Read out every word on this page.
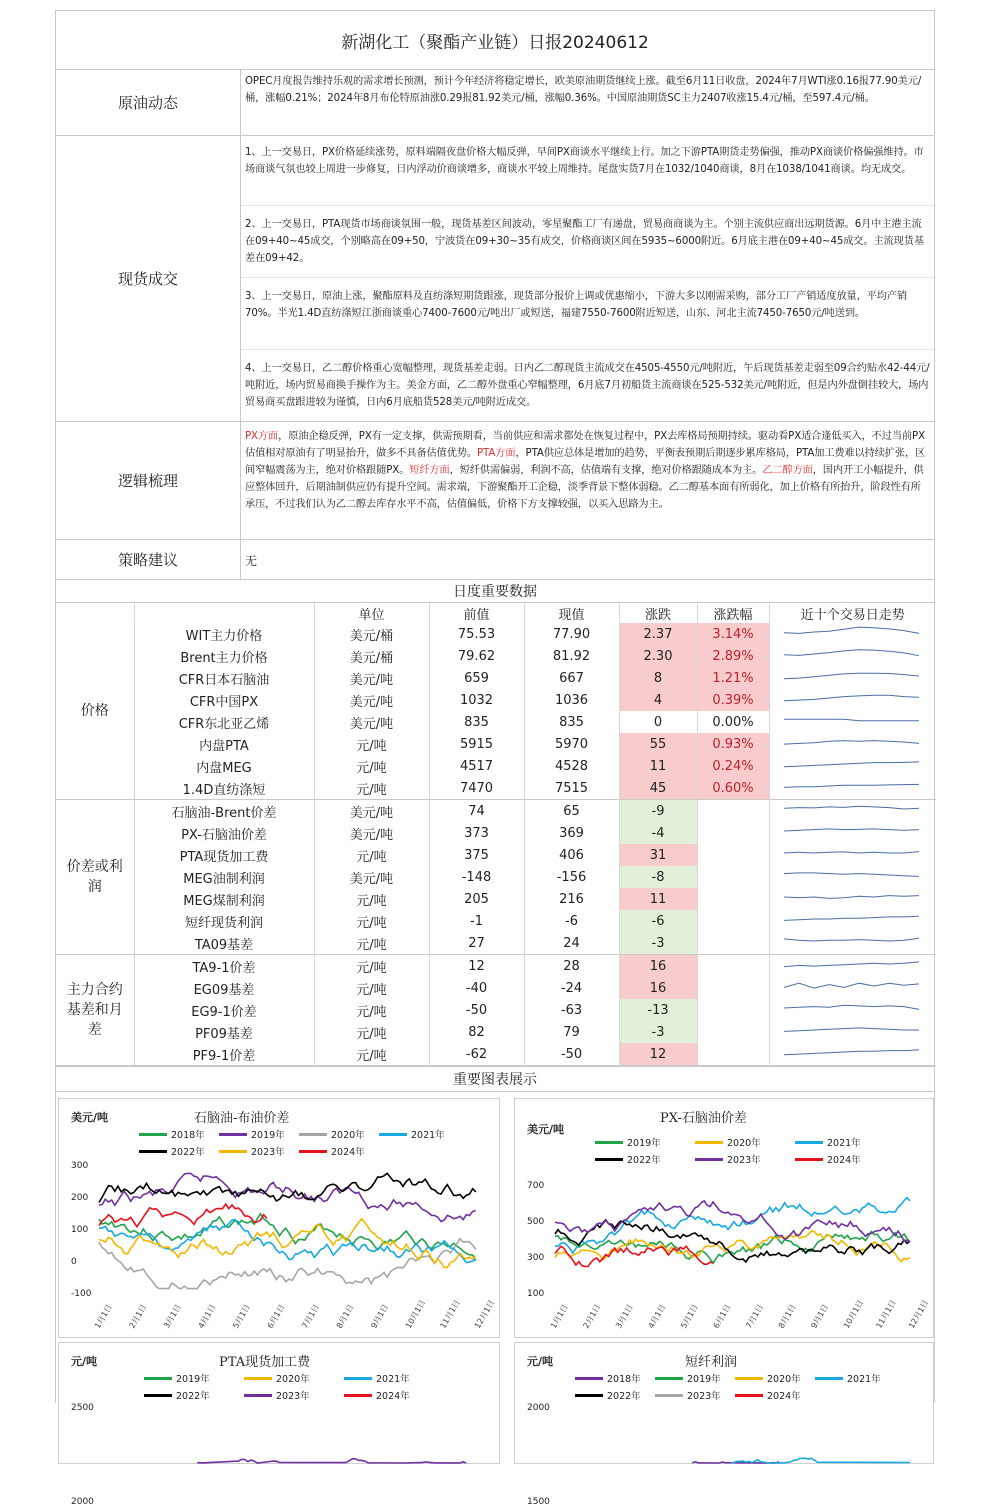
新湖化工（聚酯产业链）日报20240612
原油动态
OPEC月度报告维持乐观的需求增长预测，预计今年经济将稳定增长，欧美原油期货继续上涨。截至6月11日收盘，2024年7月WTI涨0.16报77.90美元/桶，涨幅0.21%；2024年8月布伦特原油涨0.29报81.92美元/桶，涨幅0.36%。中国原油期货SC主力2407收涨15.4元/桶，至597.4元/桶。
现货成交
1、上一交易日，PX价格延续涨势，原料端隔夜盘价格大幅反弹，早间PX商谈水平继续上行。加之下游PTA期货走势偏强，推动PX商谈价格偏强维持。市场商谈气氛也较上周进一步修复，日内浮动价商谈增多，商谈水平较上周维持。尾盘实货7月在1032/1040商谈，8月在1038/1041商谈。均无成交。
2、上一交易日，PTA现货市场商谈氛围一般，现货基差区间波动，零星聚酯工厂有递盘，贸易商商谈为主。个别主流供应商出远期货源。6月中主港主流在09+40~45成交，个别略高在09+50，宁波货在09+30~35有成交，价格商谈区间在5935~6000附近。6月底主港在09+40~45成交。主流现货基差在09+42。
3、上一交易日，原油上涨，聚酯原料及直纺涤短期货跟涨，现货部分报价上调或优惠缩小，下游大多以刚需采购，部分工厂产销适度放量，平均产销70%。半光1.4D直纺涤短江浙商谈重心7400-7600元/吨出厂或短送，福建7550-7600附近短送，山东、河北主流7450-7650元/吨送到。
4、上一交易日，乙二醇价格重心宽幅整理，现货基差走弱。日内乙二醇现货主流成交在4505-4550元/吨附近，午后现货基差走弱至09合约贴水42-44元/吨附近，场内贸易商换手操作为主。美金方面，乙二醇外盘重心窄幅整理，6月底7月初船货主流商谈在525-532美元/吨附近，但是内外盘倒挂较大，场内贸易商买盘跟进较为谨慎，日内6月底船货528美元/吨附近成交。
逻辑梳理
PX方面，原油企稳反弹，PX有一定支撑，供需预期看，当前供应和需求都处在恢复过程中，PX去库格局预期持续。驱动看PX适合逢低买入，不过当前PX估值相对原油有了明显抬升，做多不具备估值优势。PTA方面，PTA供应总体是增加的趋势，平衡表预期后期逐步累库格局，PTA加工费难以持续扩张，区间窄幅震荡为主，绝对价格跟随PX。短纤方面，短纤供需偏弱，利润不高，估值端有支撑，绝对价格跟随成本为主。乙二醇方面，国内开工小幅提升，供应整体回升，后期油制供应仍有提升空间。需求端，下游聚酯开工企稳，淡季背景下整体弱稳。乙二醇基本面有所弱化，加上价格有所抬升，阶段性有所承压，不过我们认为乙二醇去库存水平不高，估值偏低，价格下方支撑较强，以买入思路为主。
策略建议	无
日度重要数据
		单位	前值	现值	涨跌	涨跌幅	近十个交易日走势
价格	WIT主力价格	美元/桶	75.53	77.90	2.37	3.14%	
	Brent主力价格	美元/桶	79.62	81.92	2.30	2.89%	
	CFR日本石脑油	美元/吨	659	667	8	1.21%	
	CFR中国PX	美元/吨	1032	1036	4	0.39%	
	CFR东北亚乙烯	美元/吨	835	835	0	0.00%	
	内盘PTA	元/吨	5915	5970	55	0.93%	
	内盘MEG	元/吨	4517	4528	11	0.24%	
	1.4D直纺涤短	元/吨	7470	7515	45	0.60%	
价差或利润	石脑油-Brent价差	美元/吨	74	65	-9		
	PX-石脑油价差	美元/吨	373	369	-4		
	PTA现货加工费	元/吨	375	406	31		
	MEG油制利润	美元/吨	-148	-156	-8		
	MEG煤制利润	元/吨	205	216	11		
	短纤现货利润	元/吨	-1	-6	-6		
	TA09基差	元/吨	27	24	-3		
主力合约基差和月差	TA9-1价差	元/吨	12	28	16		
	EG09基差	元/吨	-40	-24	16		
	EG9-1价差	元/吨	-50	-63	-13		
	PF09基差	元/吨	82	79	-3		
	PF9-1价差	元/吨	-62	-50	12		
重要图表展示
美元/吨	石脑油-布油价差
2018年	2019年	2020年	2021年
2022年	2023年	2024年
300
200
100
0
-100
1月1日 2月1日 3月1日 4月1日 5月1日 6月1日 7月1日 8月1日 9月1日 10月1日 11月1日 12月1日
美元/吨
PX-石脑油价差
2019年	2020年	2021年
2022年	2023年	2024年
700
500
300
100
1月1日 2月1日 3月1日 4月1日 5月1日 6月1日 7月1日 8月1日 9月1日 10月1日 11月1日 12月1日
元/吨	PTA现货加工费
2019年	2020年	2021年
2022年	2023年	2024年
2500
2000
元/吨	短纤利润
2018年	2019年	2020年	2021年
2022年	2023年	2024年
2000
1500
